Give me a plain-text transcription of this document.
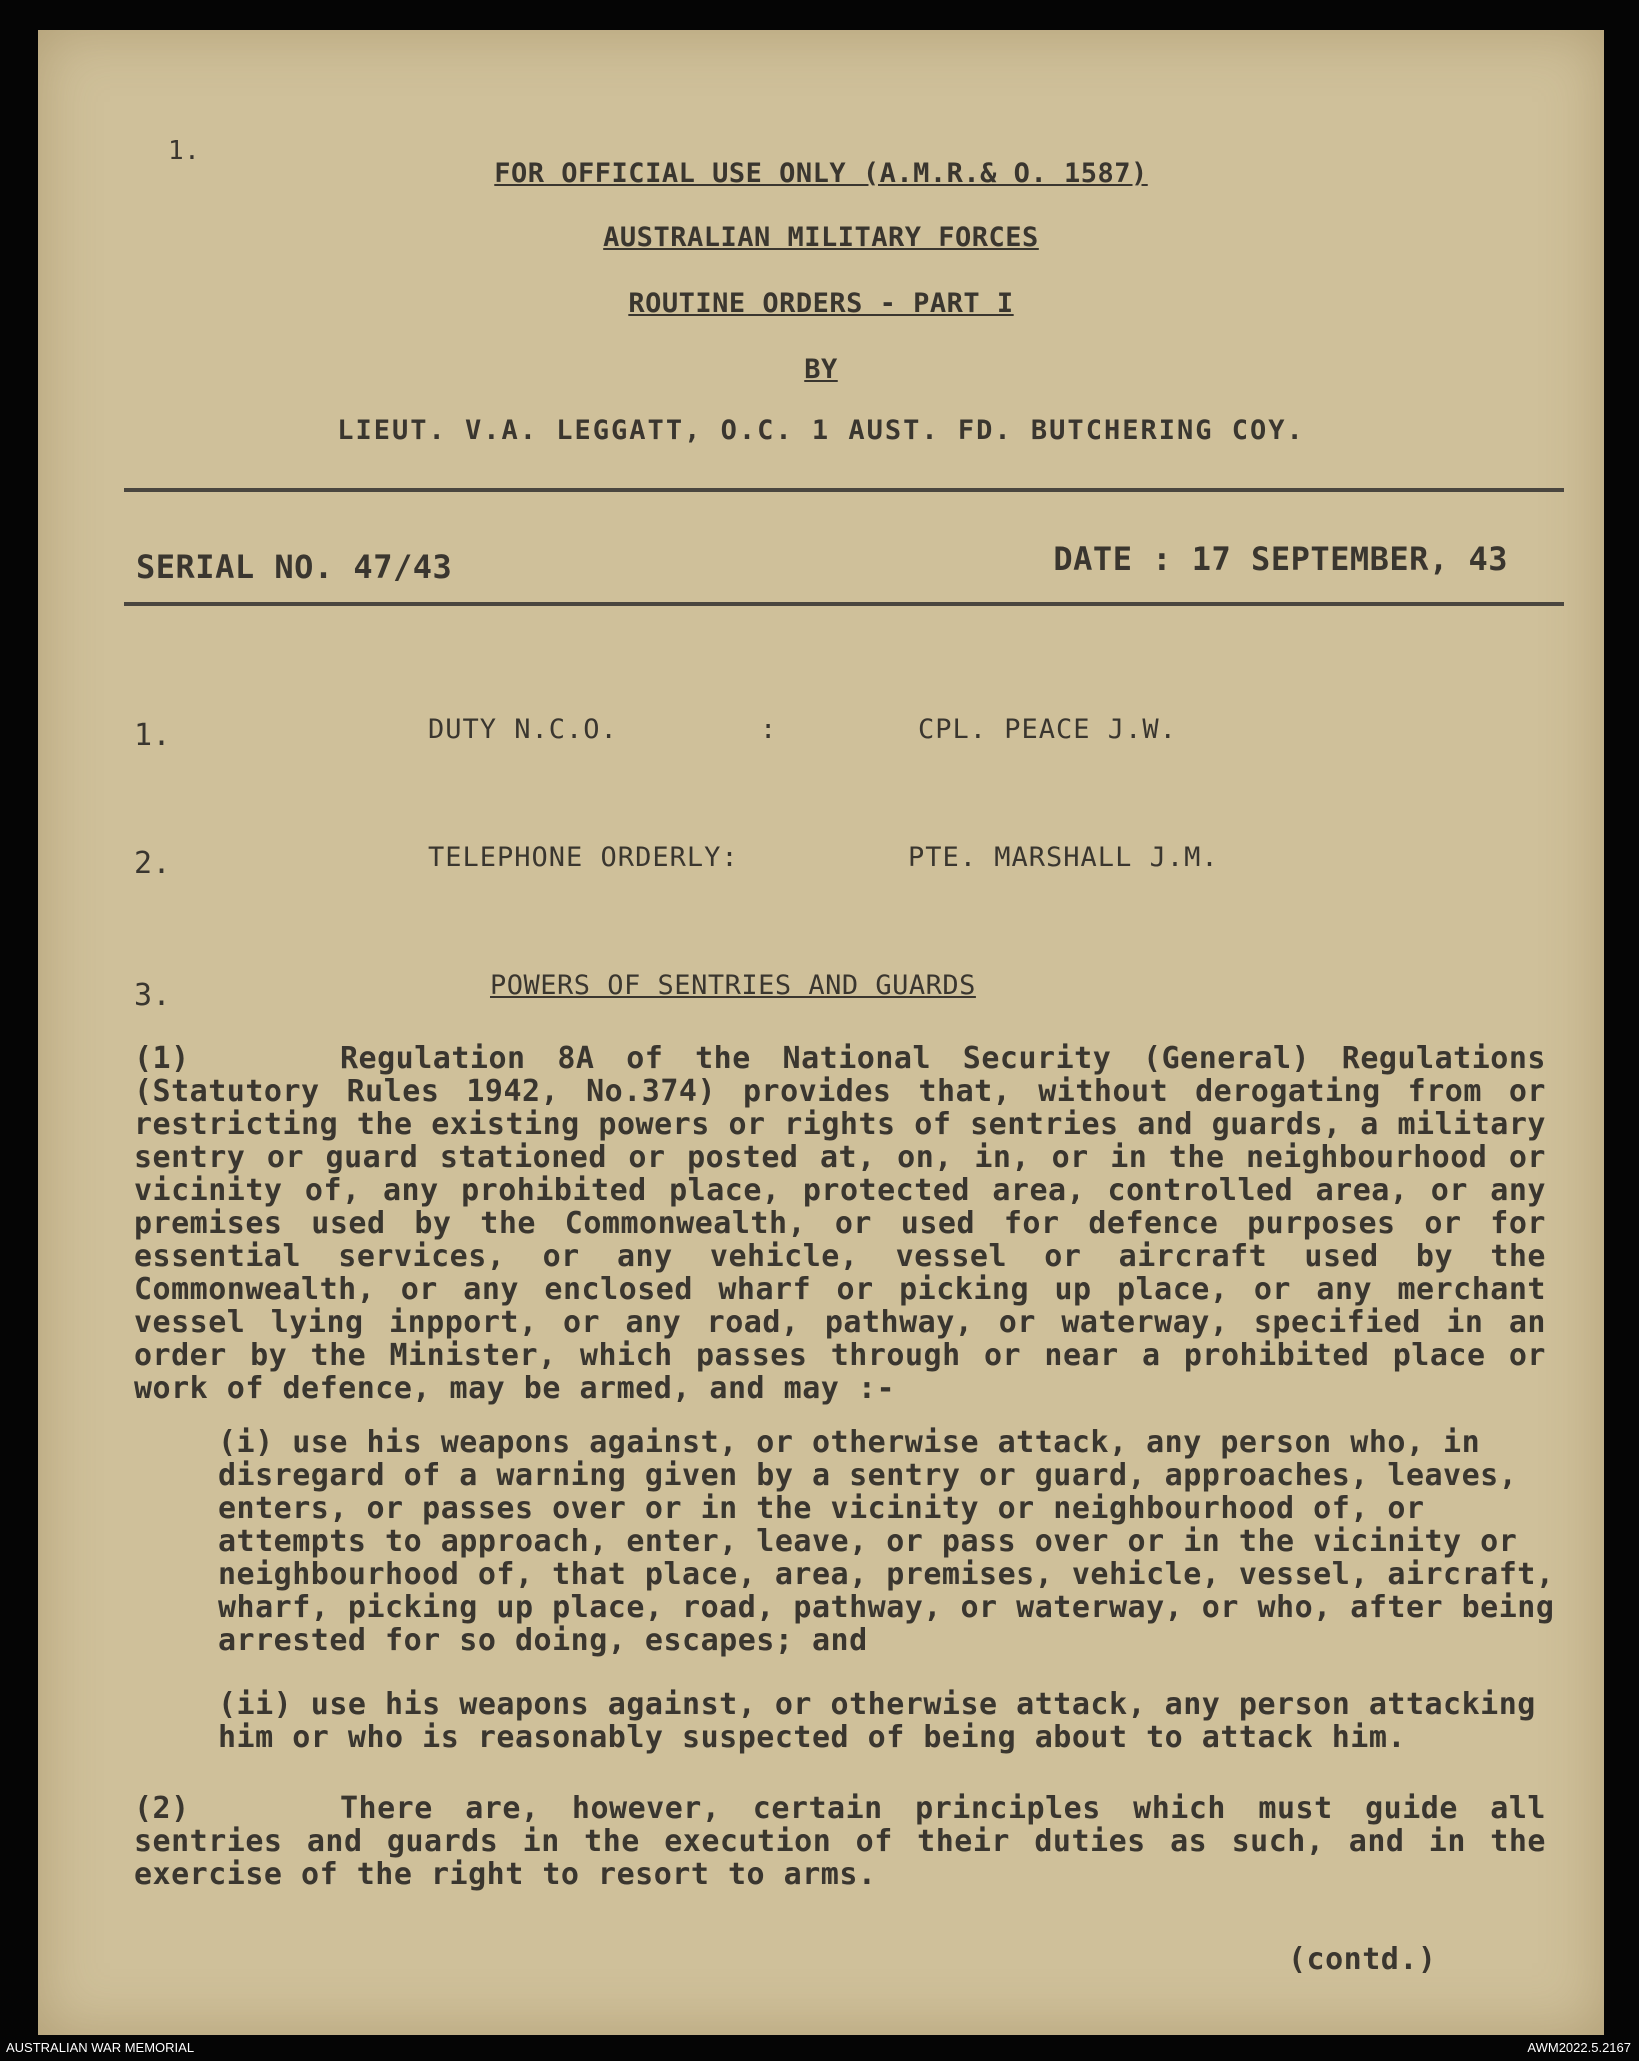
1.
FOR OFFICIAL USE ONLY (A.M.R.& O. 1587)
AUSTRALIAN MILITARY FORCES
ROUTINE ORDERS - PART I
BY
LIEUT. V.A. LEGGATT, O.C. 1 AUST. FD. BUTCHERING COY.
SERIAL NO. 47/43	DATE : 17 SEPTEMBER, 43
1.	DUTY N.C.O.	:	CPL. PEACE J.W.
2.	TELEPHONE ORDERLY:	PTE. MARSHALL J.M.
3.	POWERS OF SENTRIES AND GUARDS

(1)	Regulation 8A of the National Security (General) Regulations (Statutory Rules 1942, No.374) provides that, without derogating from or restricting the existing powers or rights of sentries and guards, a military sentry or guard stationed or posted at, on, in, or in the neighbourhood or vicinity of, any prohibited place, protected area, controlled area, or any premises used by the Commonwealth, or used for defence purposes or for essential services, or any vehicle, vessel or aircraft used by the Commonwealth, or any enclosed wharf or picking up place, or any merchant vessel lying inpport, or any road, pathway, or waterway, specified in an order by the Minister, which passes through or near a prohibited place or work of defence, may be armed, and may :-

(i) use his weapons against, or otherwise attack, any person who, in disregard of a warning given by a sentry or guard, approaches, leaves, enters, or passes over or in the vicinity or neighbourhood of, or attempts to approach, enter, leave, or pass over or in the vicinity or neighbourhood of, that place, area, premises, vehicle, vessel, aircraft, wharf, picking up place, road, pathway, or waterway, or who, after being arrested for so doing, escapes; and

(ii) use his weapons against, or otherwise attack, any person attacking him or who is reasonably suspected of being about to attack him.

(2)	There are, however, certain principles which must guide all sentries and guards in the execution of their duties as such, and in the exercise of the right to resort to arms.

(contd.)
AUSTRALIAN WAR MEMORIAL	AWM2022.5.2167
